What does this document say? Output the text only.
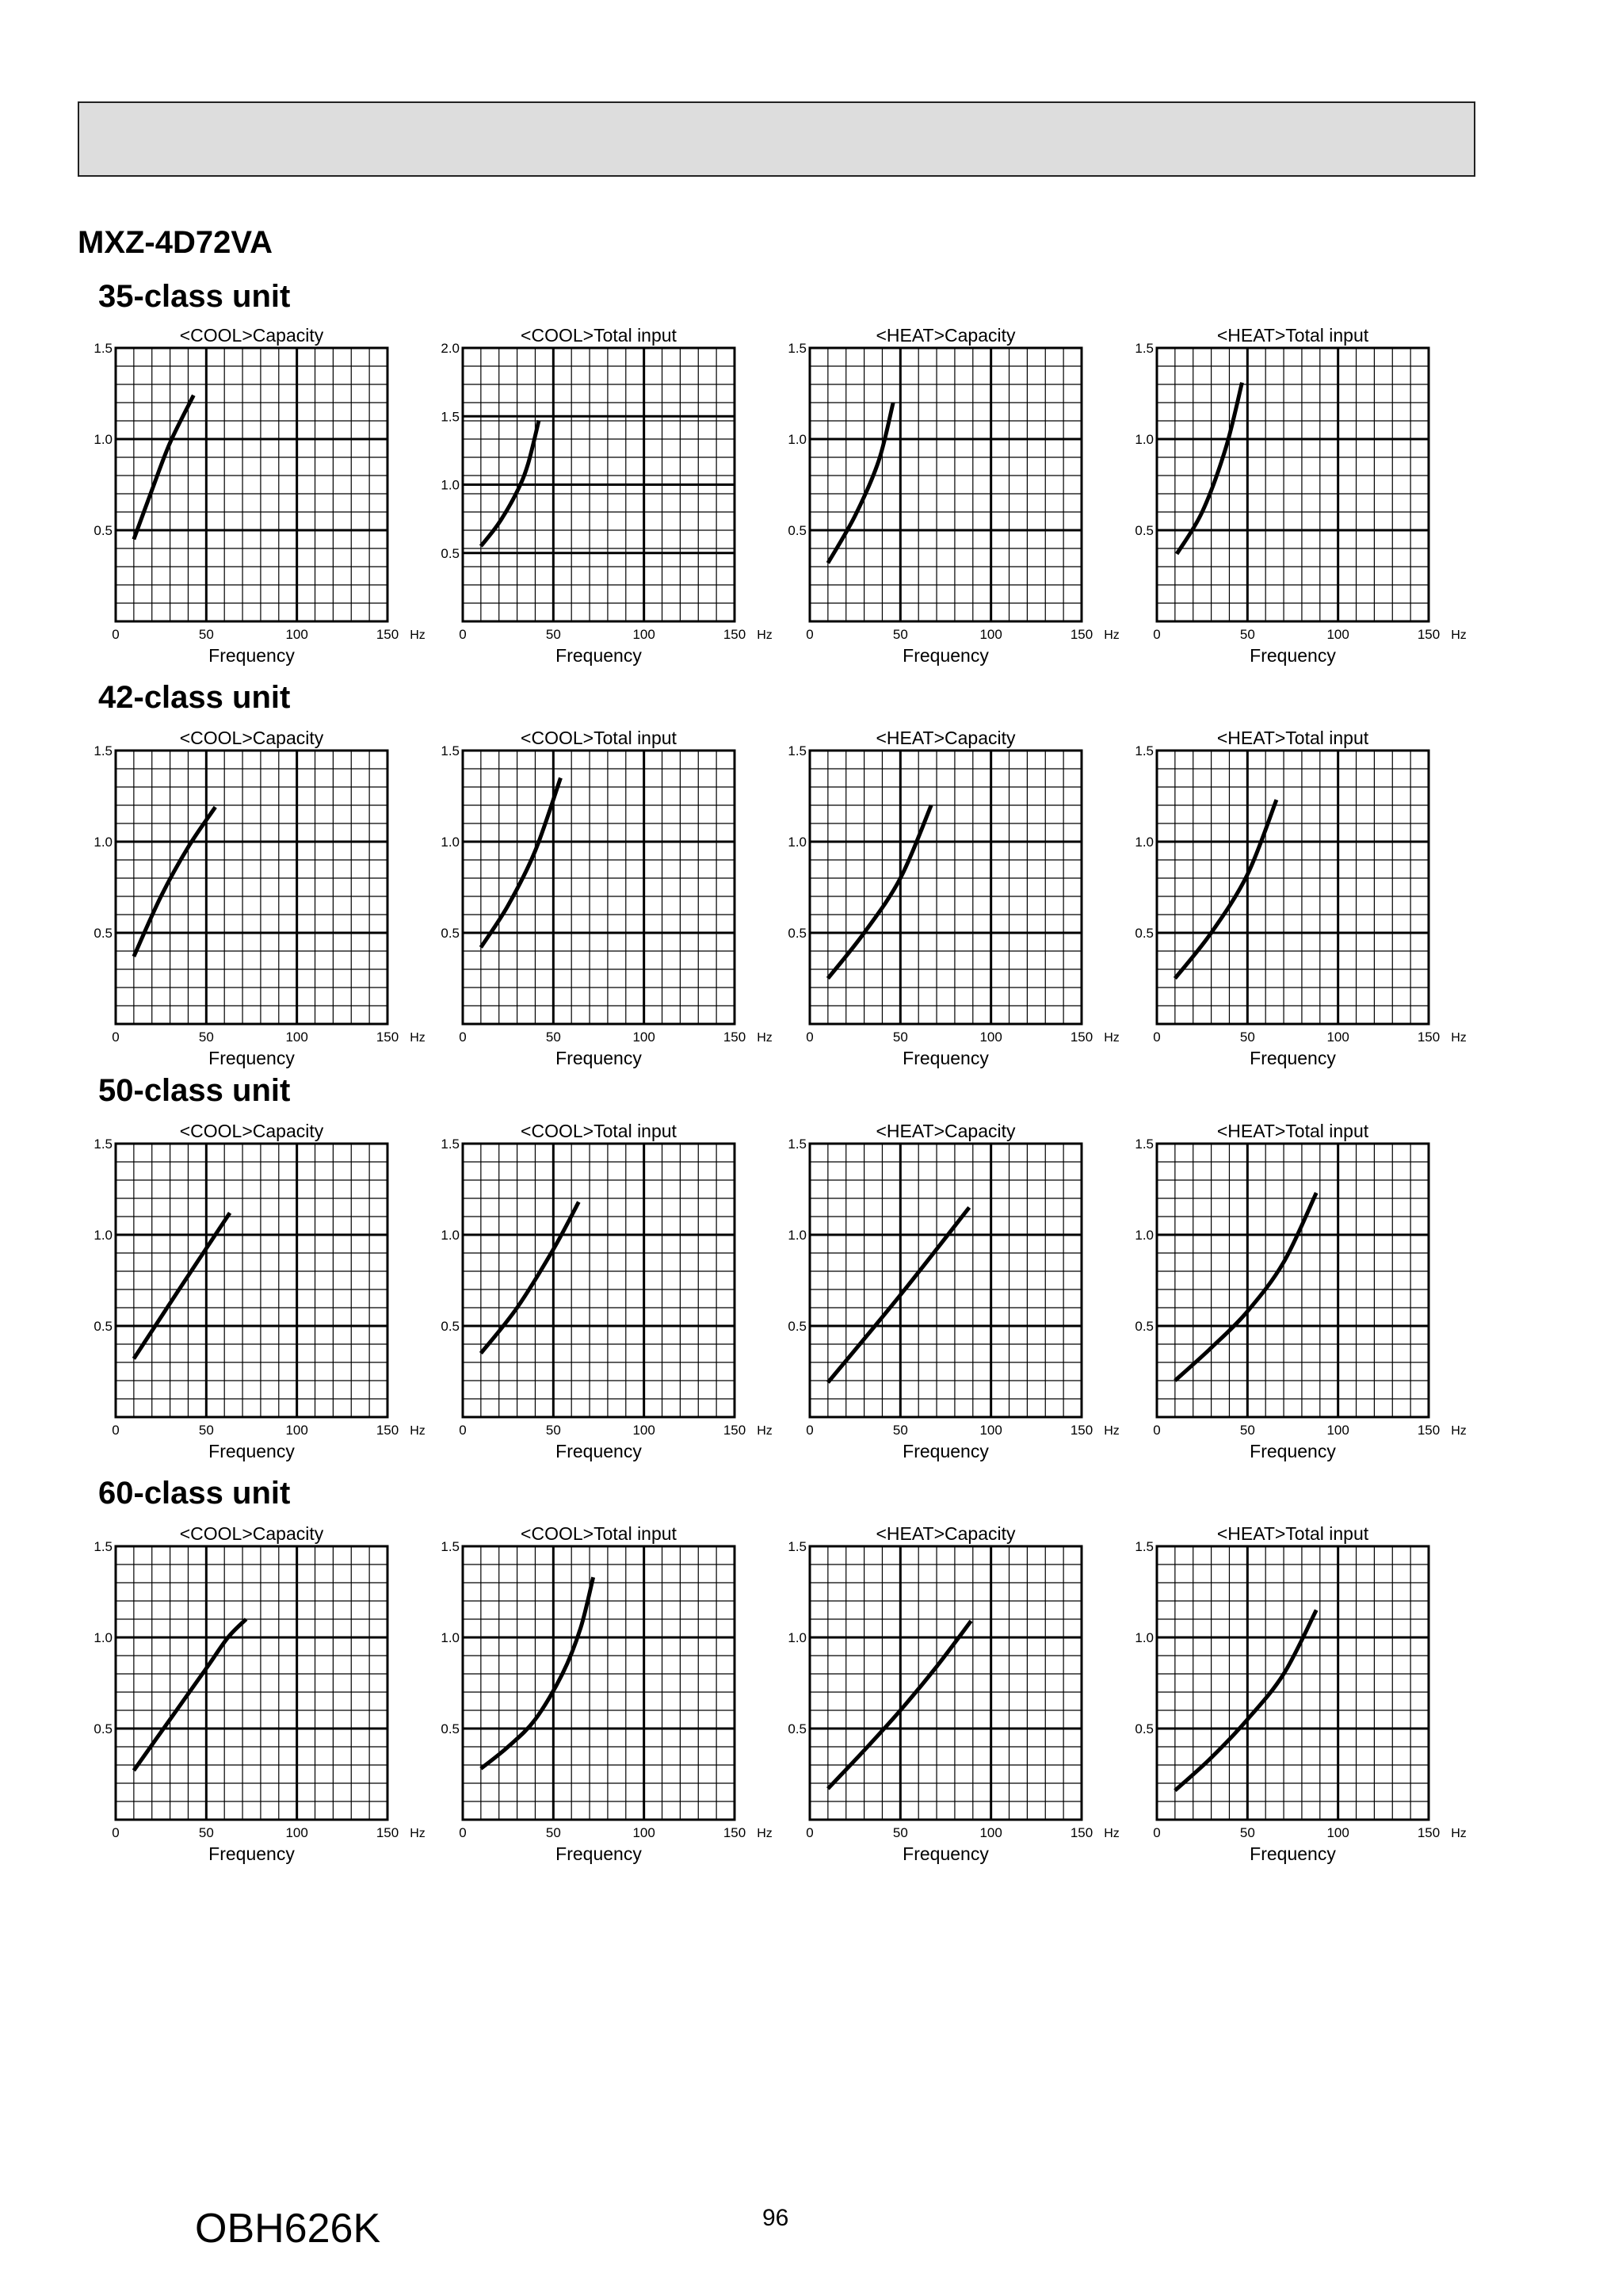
MXZ-4D72VA
35-class unit
<COOL>Capacity
0.5
1.0
1.5
0	50	100	150 Hz
Frequency
<COOL>Total input
0.5
1.0
1.5
2.0
0	50	100	150 Hz
Frequency
<HEAT>Capacity
0.5
1.0
1.5
0	50	100	150 Hz
Frequency
<HEAT>Total input
0.5
1.0
1.5
0	50	100	150 Hz
Frequency
42-class unit
<COOL>Capacity
0.5
1.0
1.5
0	50	100	150 Hz
Frequency
<COOL>Total input
0.5
1.0
1.5
0	50	100	150 Hz
Frequency
<HEAT>Capacity
0.5
1.0
1.5
0	50	100	150 Hz
Frequency
<HEAT>Total input
0.5
1.0
1.5
0	50	100	150 Hz
Frequency
50-class unit
<COOL>Capacity
0.5
1.0
1.5
0	50	100	150 Hz
Frequency
<COOL>Total input
0.5
1.0
1.5
0	50	100	150 Hz
Frequency
<HEAT>Capacity
0.5
1.0
1.5
0	50	100	150 Hz
Frequency
<HEAT>Total input
0.5
1.0
1.5
0	50	100	150 Hz
Frequency
60-class unit
<COOL>Capacity
0.5
1.0
1.5
0	50	100	150 Hz
Frequency
<COOL>Total input
0.5
1.0
1.5
0	50	100	150 Hz
Frequency
<HEAT>Capacity
0.5
1.0
1.5
0	50	100	150 Hz
Frequency
<HEAT>Total input
0.5
1.0
1.5
0	50	100	150 Hz
Frequency
OBH626K	96
